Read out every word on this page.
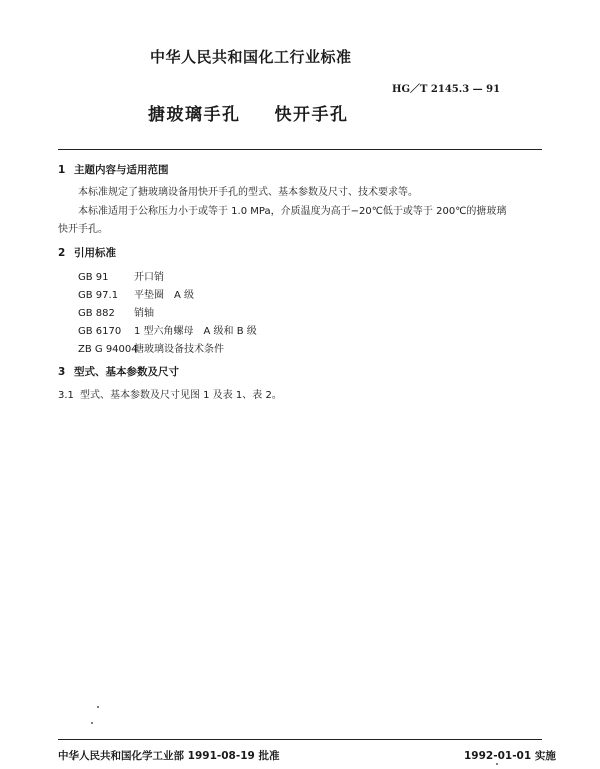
中华人民共和国化工行业标准
HG／T 2145.3 — 91
搪玻璃手孔 快开手孔
1 主题内容与适用范围
本标准规定了搪玻璃设备用快开手孔的型式、基本参数及尺寸、技术要求等。
本标准适用于公称压力小于或等于 1.0 MPa，介质温度为高于−20℃低于或等于 200℃的搪玻璃
快开手孔。
2 引用标准
GB 91	开口销
GB 97.1 平垫圈　A 级
GB 882 销轴
GB 6170 1 型六角螺母　A 级和 B 级
ZB G 94004搪玻璃设备技术条件
3 型式、基本参数及尺寸
3.1 型式、基本参数及尺寸见图 1 及表 1、表 2。
中华人民共和国化学工业部 1991-08-19 批准	1992-01-01 实施
